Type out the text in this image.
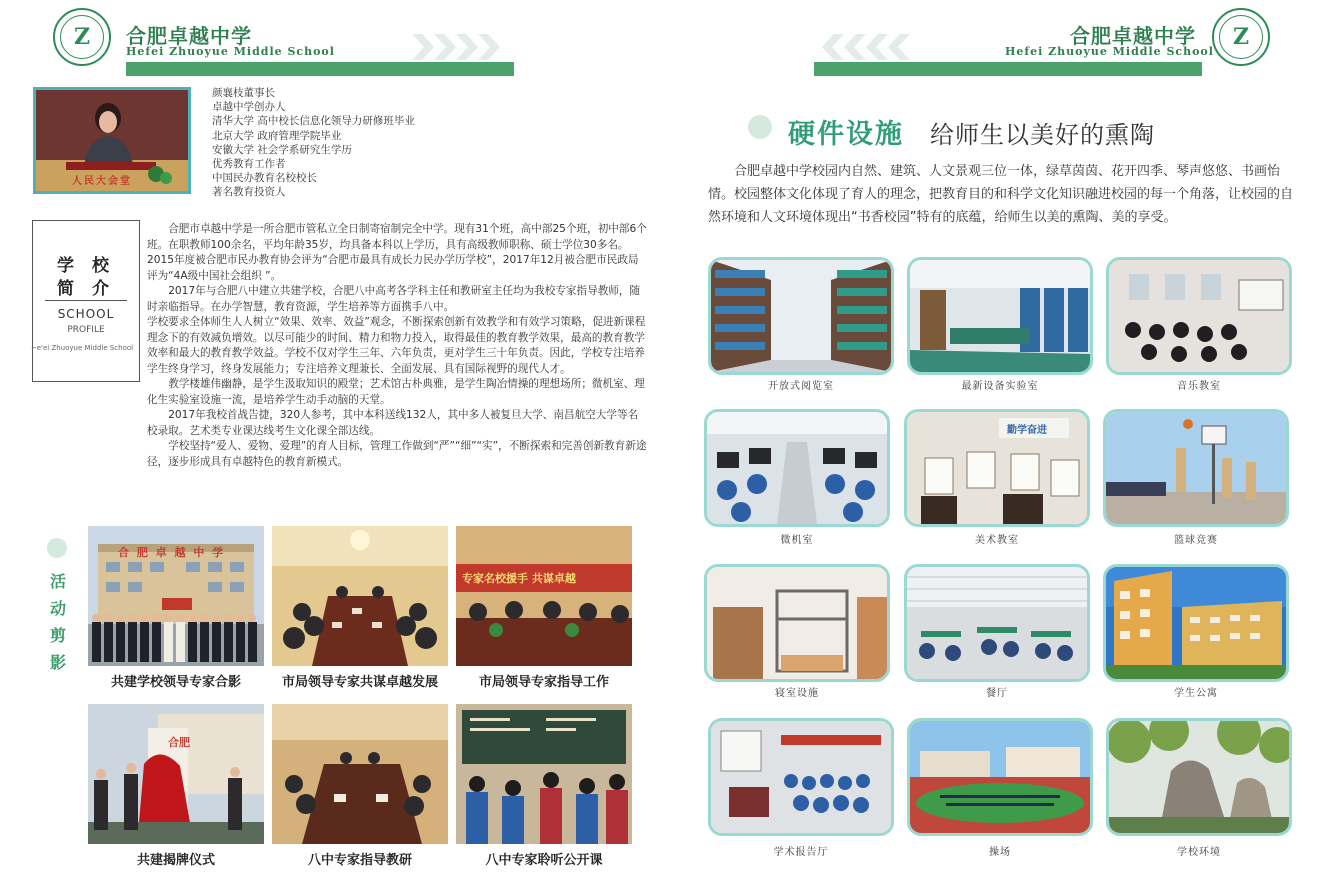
Z 合肥卓越中学
Hefei Zhuoyue Middle School
人民大会堂
颜襄枝董事长
卓越中学创办人
清华大学 高中校长信息化领导力研修班毕业
北京大学 政府管理学院毕业
安徽大学 社会学系研究生学历
优秀教育工作者
中国民办教育名校校长
著名教育投资人
学 校
简 介
SCHOOL
PROFILE
~e'ei Zhuoyue Middle School

合肥市卓越中学是一所合肥市管私立全日制寄宿制完全中学。现有31个班，高中部25个班，初中部6个班。在职教师100余名，平均年龄35岁，均具备本科以上学历，具有高级教师职称、硕士学位30多名。2015年度被合肥市民办教育协会评为“合肥市最具有成长力民办学历学校”，2017年12月被合肥市民政局评为“4A级中国社会组织 ”。

2017年与合肥八中建立共建学校，合肥八中高考各学科主任和教研室主任均为我校专家指导教师，随时亲临指导。在办学智慧，教育资源，学生培养等方面携手八中。

学校要求全体师生人人树立“效果、效率、效益”观念，不断探索创新有效教学和有效学习策略，促进新课程理念下的有效减负增效。以尽可能少的时间、精力和物力投入，取得最佳的教育教学效果，最高的教育教学效率和最大的教育教学效益。学校不仅对学生三年、六年负责，更对学生三十年负责。因此，学校专注培养学生终身学习，终身发展能力；专注培养文理兼长、全面发展、具有国际视野的现代人才。

教学楼雄伟幽静，是学生汲取知识的殿堂；艺术馆古朴典雅，是学生陶冶情操的理想场所；微机室、理化生实验室设施一流，是培养学生动手动脑的天堂。

2017年我校首战告捷，320人参考，其中本科送线132人，其中多人被复旦大学、南昌航空大学等名校录取。艺术类专业课达线考生文化课全部达线。

学校坚持“爱人、爱物、爱理”的育人目标，管理工作做到“严”“细”“实”，不断探索和完善创新教育新途径，逐步形成具有卓越特色的教育新模式。

活
动
剪
影
合 肥 卓 越 中 学
共建学校领导专家合影	市局领导专家共谋卓越发展
专家名校援手 共谋卓越
市局领导专家指导工作
合肥
共建揭牌仪式	八中专家指导教研	八中专家聆听公开课
合肥卓越中学
Hefei Zhuoyue Middle School
Z
硬件设施 给师生以美好的熏陶

合肥卓越中学校园内自然、建筑、人文景观三位一体，绿草茵茵、花开四季、琴声悠悠、书画怡情。校园整体文化体现了育人的理念，把教育目的和科学文化知识融进校园的每一个角落，让校园的自然环境和人文环境体现出“书香校园”特有的底蕴，给师生以美的熏陶、美的享受。

开放式阅览室	最新设备实验室	音乐教室
微机室
勤学奋进
美术教室	篮球竞赛
寝室设施	餐厅	学生公寓
学术报告厅	操场	学校环境
